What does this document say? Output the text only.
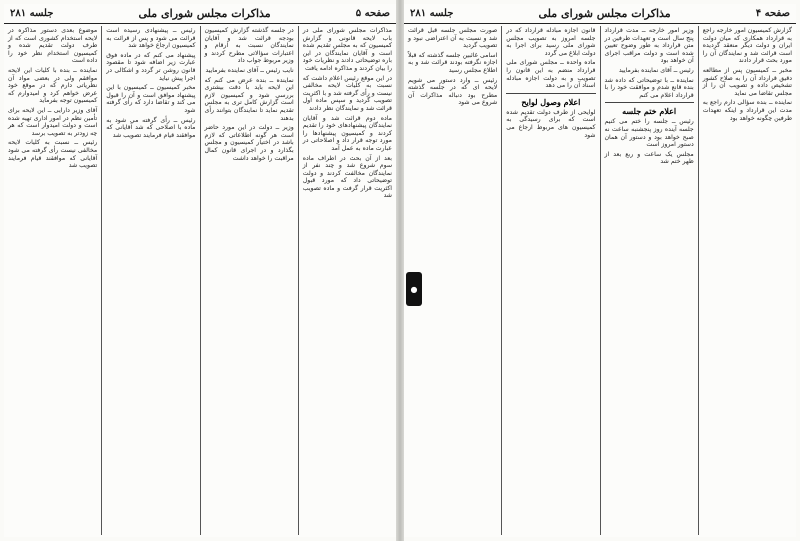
صفحه ۵
مذاکرات مجلس شورای ملی
جلسه ۲۸۱

مذاکرات مجلس شورای ملی در باب لایحه قانونی و گزارش کمیسیون که به مجلس تقدیم شده است و آقایان نمایندگان در این باره توضیحاتی دادند و نظریات خود را بیان کردند و مذاکره ادامه یافت

در این موقع رئیس اعلام داشت که نسبت به کلیات لایحه مخالفی نیست و رأی گرفته شد و با اکثریت تصویب گردید و سپس ماده اول قرائت شد و نمایندگان نظر دادند

ماده دوم قرائت شد و آقایان نمایندگان پیشنهادهای خود را تقدیم کردند و کمیسیون پیشنهادها را مورد توجه قرار داد و اصلاحاتی در عبارت ماده به عمل آمد

بعد از آن بحث در اطراف ماده سوم شروع شد و چند نفر از نمایندگان مخالفت کردند و دولت توضیحاتی داد که مورد قبول اکثریت قرار گرفت و ماده تصویب شد

در جلسه گذشته گزارش کمیسیون بودجه قرائت شد و آقایان نمایندگان نسبت به ارقام و اعتبارات سؤالاتی مطرح کردند و وزیر مربوط جواب داد

نایب رئیس ــ آقای نماینده بفرمایید

نماینده ــ بنده عرض می کنم که این لایحه باید با دقت بیشتری بررسی شود و کمیسیون لازم است گزارش کامل تری به مجلس تقدیم نماید تا نمایندگان بتوانند رأی بدهند

وزیر ــ دولت در این مورد حاضر است هر گونه اطلاعاتی که لازم باشد در اختیار کمیسیون و مجلس بگذارد و در اجرای قانون کمال مراقبت را خواهد داشت

رئیس ــ پیشنهادی رسیده است قرائت می شود و پس از قرائت به کمیسیون ارجاع خواهد شد

پیشنهاد می کنم که در ماده فوق عبارت زیر اضافه شود تا مقصود قانون روشن تر گردد و اشکالی در اجرا پیش نیاید

مخبر کمیسیون ــ کمیسیون با این پیشنهاد موافق است و آن را قبول می کند و تقاضا دارد که رأی گرفته شود

رئیس ــ رأی گرفته می شود به ماده با اصلاحی که شد آقایانی که موافقند قیام فرمایند تصویب شد

موضوع بعدی دستور مذاکره در لایحه استخدام کشوری است که از طرف دولت تقدیم شده و کمیسیون استخدام نظر خود را داده است

نماینده ــ بنده با کلیات این لایحه موافقم ولی در بعضی مواد آن نظریاتی دارم که در موقع خود عرض خواهم کرد و امیدوارم که کمیسیون توجه بفرماید

آقای وزیر دارایی ــ این لایحه برای تأمین نظم در امور اداری تهیه شده است و دولت امیدوار است که هر چه زودتر به تصویب برسد

رئیس ــ نسبت به کلیات لایحه مخالفی نیست رأی گرفته می شود آقایانی که موافقند قیام فرمایند تصویب شد

صفحه ۴
مذاکرات مجلس شورای ملی
جلسه ۲۸۱

گزارش کمیسیون امور خارجه راجع به قرارداد همکاری که میان دولت ایران و دولت دیگر منعقد گردیده است قرائت شد و نمایندگان آن را مورد بحث قرار دادند

مخبر ــ کمیسیون پس از مطالعه دقیق قرارداد آن را به صلاح کشور تشخیص داده و تصویب آن را از مجلس تقاضا می نماید

نماینده ــ بنده سؤالی دارم راجع به مدت این قرارداد و اینکه تعهدات طرفین چگونه خواهد بود

وزیر امور خارجه ــ مدت قرارداد پنج سال است و تعهدات طرفین در متن قرارداد به طور وضوح تعیین شده است و دولت مراقب اجرای آن خواهد بود

رئیس ــ آقای نماینده بفرمایید

نماینده ــ با توضیحاتی که داده شد بنده قانع شدم و موافقت خود را با قرارداد اعلام می کنم

اعلام ختم جلسه

رئیس ــ جلسه را ختم می کنیم جلسه آینده روز پنجشنبه ساعت نه صبح خواهد بود و دستور آن همان دستور امروز است

مجلس یک ساعت و ربع بعد از ظهر ختم شد

قانون اجازه مبادله قرارداد که در جلسه امروز به تصویب مجلس شورای ملی رسید برای اجرا به دولت ابلاغ می گردد

ماده واحده ــ مجلس شورای ملی قرارداد منضم به این قانون را تصویب و به دولت اجازه مبادله اسناد آن را می دهد

اعلام وصول لوایح

لوایحی از طرف دولت تقدیم شده است که برای رسیدگی به کمیسیون های مربوط ارجاع می شود

صورت مجلس جلسه قبل قرائت شد و نسبت به آن اعتراضی نبود و تصویب گردید

اسامی غائبین جلسه گذشته که قبلاً اجازه نگرفته بودند قرائت شد و به اطلاع مجلس رسید

رئیس ــ وارد دستور می شویم لایحه ای که در جلسه گذشته مطرح بود دنباله مذاکرات آن شروع می شود

●
